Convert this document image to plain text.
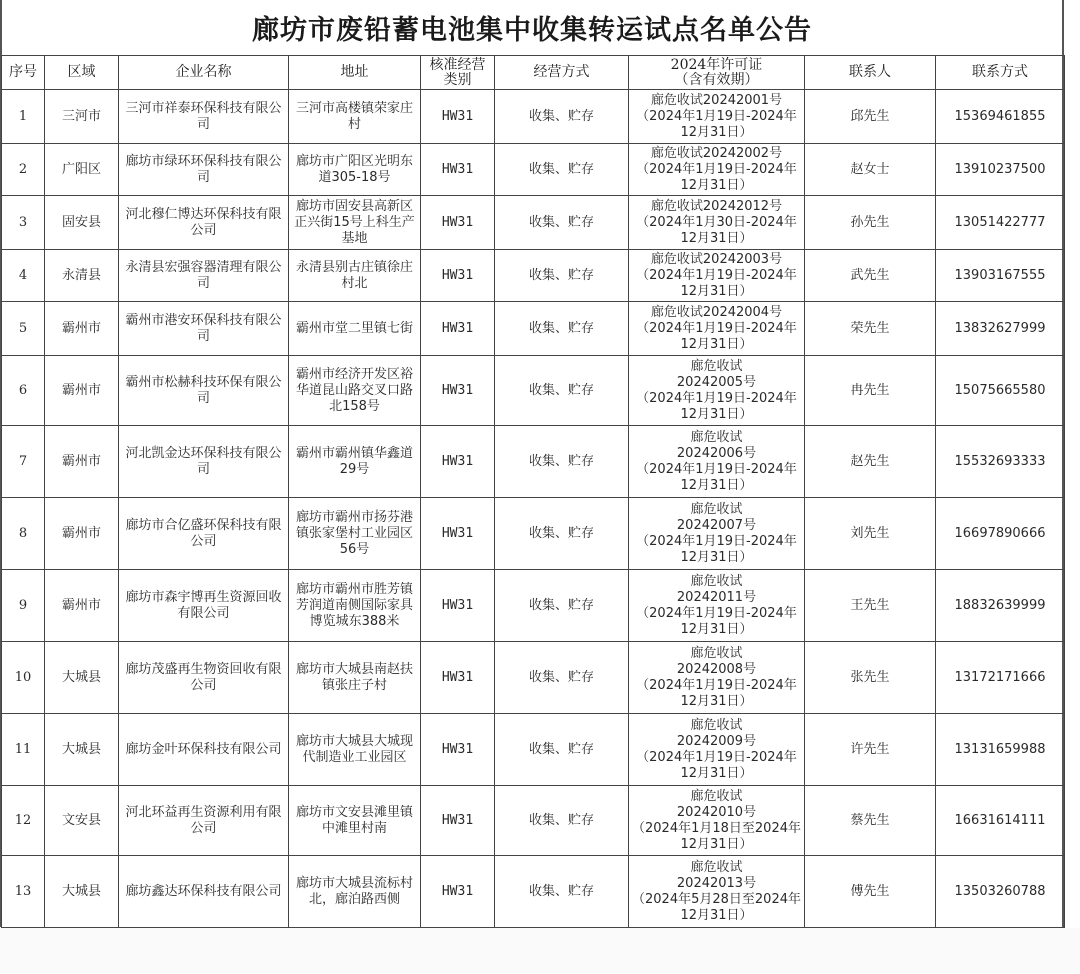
廊坊市废铅蓄电池集中收集转运试点名单公告
序号	区域	企业名称	地址	核准经营
类别	经营方式	2024年许可证
（含有效期）	联系人	联系方式
1	三河市	三河市祥泰环保科技有限公司	三河市高楼镇荣家庄村	HW31	收集、贮存	廊危收试20242001号
（2024年1月19日-2024年
12月31日）	邱先生	15369461855
2	广阳区	廊坊市绿环环保科技有限公司	廊坊市广阳区光明东道305-18号	HW31	收集、贮存	廊危收试20242002号
（2024年1月19日-2024年
12月31日）	赵女士	13910237500
3	固安县	河北穆仁博达环保科技有限公司	廊坊市固安县高新区正兴街15号上科生产基地	HW31	收集、贮存	廊危收试20242012号
（2024年1月30日-2024年
12月31日）	孙先生	13051422777
4	永清县	永清县宏强容器清理有限公司	永清县别古庄镇徐庄村北	HW31	收集、贮存	廊危收试20242003号
（2024年1月19日-2024年
12月31日）	武先生	13903167555
5	霸州市	霸州市港安环保科技有限公司	霸州市堂二里镇七街	HW31	收集、贮存	廊危收试20242004号
（2024年1月19日-2024年
12月31日）	荣先生	13832627999
6	霸州市	霸州市松赫科技环保有限公司	霸州市经济开发区裕华道昆山路交叉口路北158号	HW31	收集、贮存	廊危收试
20242005号
（2024年1月19日-2024年
12月31日）	冉先生	15075665580
7	霸州市	河北凯金达环保科技有限公司	霸州市霸州镇华鑫道29号	HW31	收集、贮存	廊危收试
20242006号
（2024年1月19日-2024年
12月31日）	赵先生	15532693333
8	霸州市	廊坊市合亿盛环保科技有限公司	廊坊市霸州市扬芬港镇张家堡村工业园区56号	HW31	收集、贮存	廊危收试
20242007号
（2024年1月19日-2024年
12月31日）	刘先生	16697890666
9	霸州市	廊坊市森宇博再生资源回收有限公司	廊坊市霸州市胜芳镇芳润道南侧国际家具博览城东388米	HW31	收集、贮存	廊危收试
20242011号
（2024年1月19日-2024年
12月31日）	王先生	18832639999
10	大城县	廊坊茂盛再生物资回收有限公司	廊坊市大城县南赵扶镇张庄子村	HW31	收集、贮存	廊危收试
20242008号
（2024年1月19日-2024年
12月31日）	张先生	13172171666
11	大城县	廊坊金叶环保科技有限公司	廊坊市大城县大城现代制造业工业园区	HW31	收集、贮存	廊危收试
20242009号
（2024年1月19日-2024年
12月31日）	许先生	13131659988
12	文安县	河北环益再生资源利用有限公司	廊坊市文安县滩里镇中滩里村南	HW31	收集、贮存	廊危收试
20242010号
（2024年1月18日至2024年
12月31日）	蔡先生	16631614111
13	大城县	廊坊鑫达环保科技有限公司	廊坊市大城县流标村北，廊泊路西侧	HW31	收集、贮存	廊危收试
20242013号
（2024年5月28日至2024年
12月31日）	傅先生	13503260788
